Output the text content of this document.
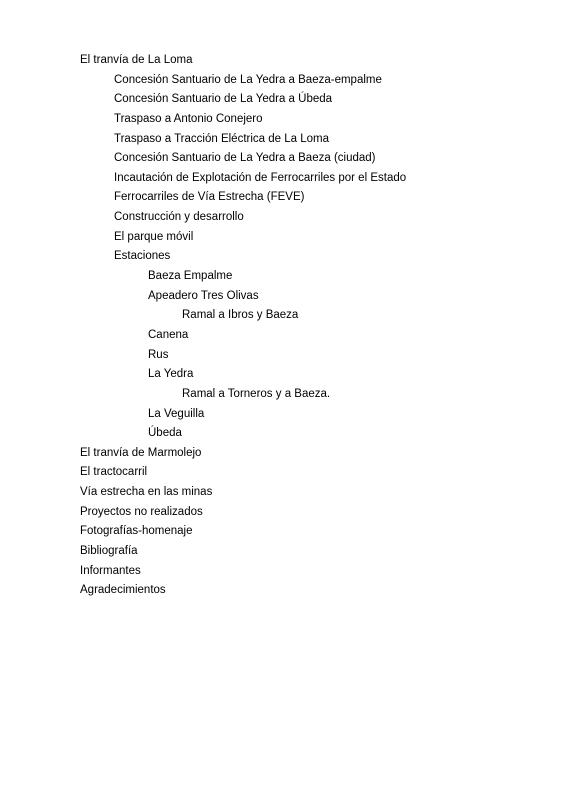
El tranvía de La Loma
Concesión Santuario de La Yedra a Baeza-empalme
Concesión Santuario de La Yedra a Úbeda
Traspaso a Antonio Conejero
Traspaso a Tracción Eléctrica de La Loma
Concesión Santuario de La Yedra a Baeza (ciudad)
Incautación de Explotación de Ferrocarriles por el Estado
Ferrocarriles de Vía Estrecha (FEVE)
Construcción y desarrollo
El parque móvil
Estaciones
Baeza Empalme
Apeadero Tres Olivas
Ramal a Ibros y Baeza
Canena
Rus
La Yedra
Ramal a Torneros y a Baeza.
La Veguilla
Úbeda
El tranvía de Marmolejo
El tractocarril
Vía estrecha en las minas
Proyectos no realizados
Fotografías-homenaje
Bibliografía
Informantes
Agradecimientos
